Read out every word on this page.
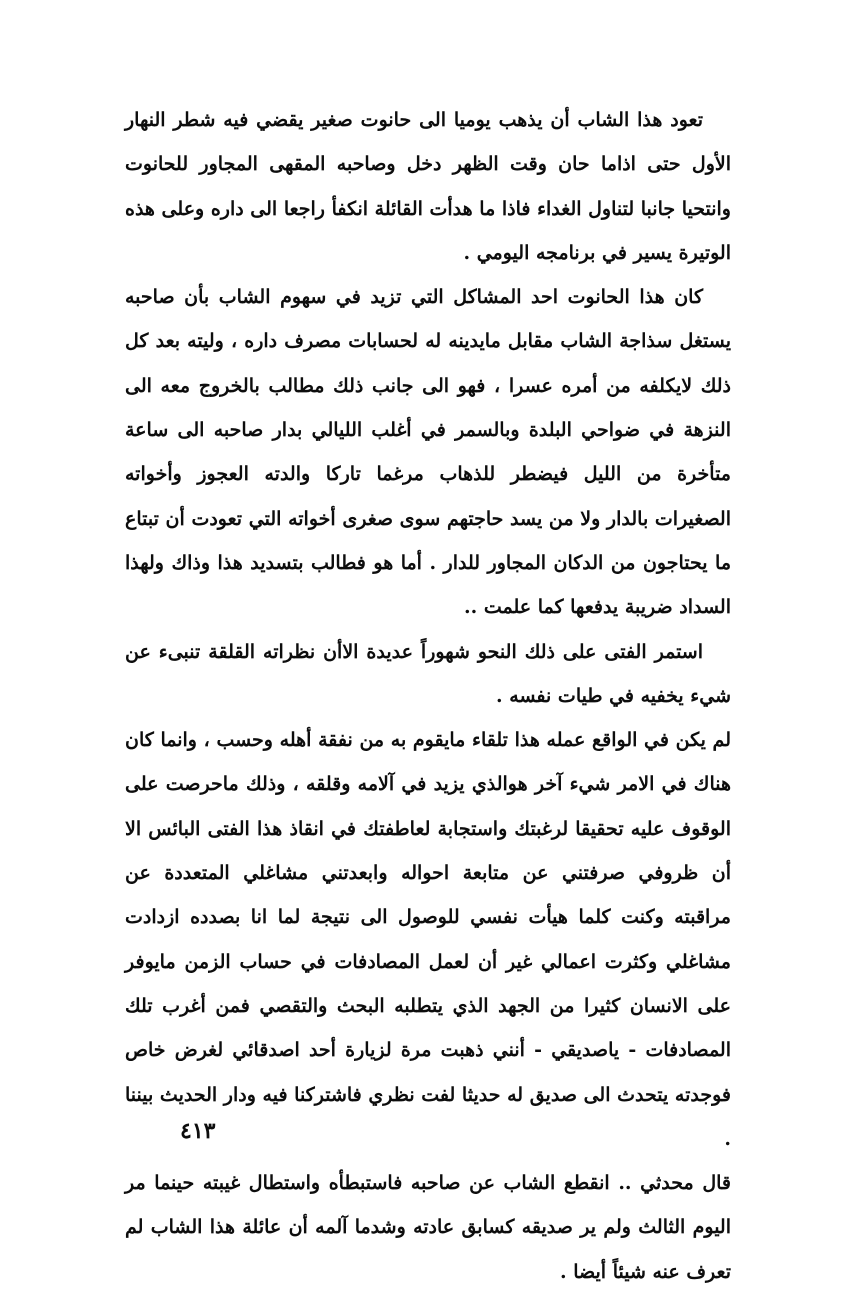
تعود هذا الشاب أن يذهب يوميا الى حانوت صغير يقضي فيه شطر النهار الأول حتى اذاما حان وقت الظهر دخل وصاحبه المقهى المجاور للحانوت وانتحيا جانبا لتناول الغداء فاذا ما هدأت القائلة انكفأ راجعا الى داره وعلى هذه الوتيرة يسير في برنامجه اليومي .

كان هذا الحانوت احد المشاكل التي تزيد في سهوم الشاب بأن صاحبه يستغل سذاجة الشاب مقابل مايدينه له لحسابات مصرف داره ، وليته بعد كل ذلك لايكلفه من أمره عسرا ، فهو الى جانب ذلك مطالب بالخروج معه الى النزهة في ضواحي البلدة وبالسمر في أغلب الليالي بدار صاحبه الى ساعة متأخرة من الليل فيضطر للذهاب مرغما تاركا والدته العجوز وأخواته الصغيرات بالدار ولا من يسد حاجتهم سوى صغرى أخواته التي تعودت أن تبتاع ما يحتاجون من الدكان المجاور للدار . أما هو فطالب بتسديد هذا وذاك ولهذا السداد ضريبة يدفعها كما علمت ..

استمر الفتى على ذلك النحو شهوراً عديدة الاأن نظراته القلقة تنبىء عن شيء يخفيه في طيات نفسه .

لم يكن في الواقع عمله هذا تلقاء مايقوم به من نفقة أهله وحسب ، وانما كان هناك في الامر شيء آخر هوالذي يزيد في آلامه وقلقه ، وذلك ماحرصت على الوقوف عليه تحقيقا لرغبتك واستجابة لعاطفتك في انقاذ هذا الفتى البائس الا أن ظروفي صرفتني عن متابعة احواله وابعدتني مشاغلي المتعددة عن مراقبته وكنت كلما هيأت نفسي للوصول الى نتيجة لما انا بصدده ازدادت مشاغلي وكثرت اعمالي غير أن لعمل المصادفات في حساب الزمن مايوفر على الانسان كثيرا من الجهد الذي يتطلبه البحث والتقصي فمن أغرب تلك المصادفات - ياصديقي - أنني ذهبت مرة لزيارة أحد اصدقائي لغرض خاص فوجدته يتحدث الى صديق له حديثا لفت نظري فاشتركنا فيه ودار الحديث بيننا .

قال محدثي .. انقطع الشاب عن صاحبه فاستبطأه واستطال غيبته حينما مر اليوم الثالث ولم ير صديقه كسابق عادته وشدما آلمه أن عائلة هذا الشاب لم تعرف عنه شيئاً أيضا .

٤١٣
